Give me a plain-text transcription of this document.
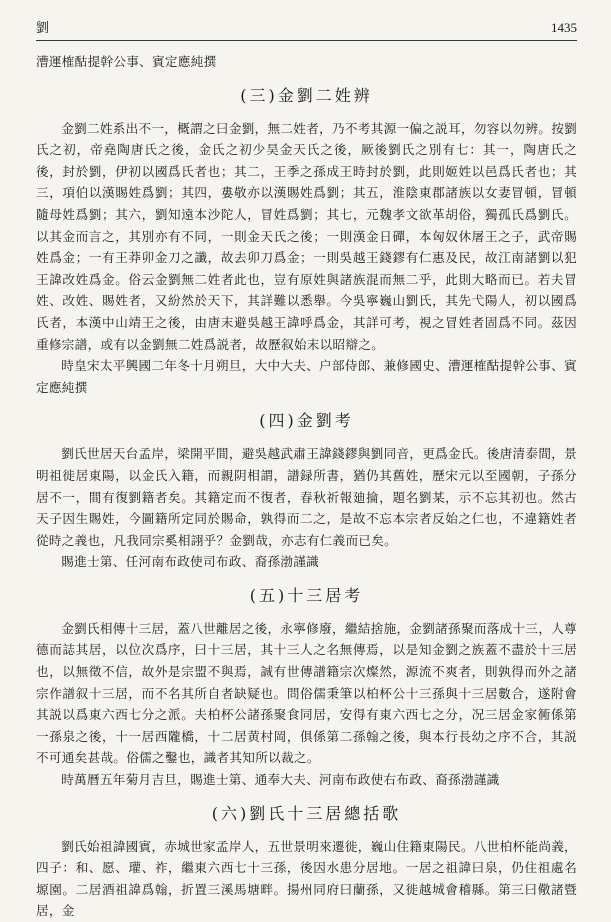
劉	1435

漕運榷酤提幹公事、賓定應純撰

(三)金劉二姓辨

金劉二姓系出不一，概謂之曰金劉，無二姓者，乃不考其源一偏之説耳，勿容以勿辨。按劉氏之初，帝堯陶唐氏之後，金氏之初少昊金天氏之後，厥後劉氏之別有七：其一，陶唐氏之後，封於劉，伊初以國爲氏者也；其二，王季之孫成王時封於劉，此則姬姓以邑爲氏者也；其三，項伯以漢賜姓爲劉；其四，婁敬亦以漢賜姓爲劉；其五，淮陰東郡諸族以女妻冒頓，冒頓隨母姓爲劉；其六，劉知遠本沙陀人，冒姓爲劉；其七，元魏孝文欲革胡俗，獨孤氏爲劉氏。以其金而言之，其別亦有不同，一則金天氏之後；一則漢金日磾，本匈奴休屠王之子，武帝賜姓爲金；一有王莽卯金刀之讖，故去卯刀爲金；一則吳越王錢鏐有仁惠及民，故江南諸劉以犯王諱改姓爲金。俗云金劉無二姓者此也，豈有原姓與諸族混而無二乎，此則大略而已。若夫冒姓、改姓、賜姓者，又紛然於天下，其詳難以悉舉。今吳寧巍山劉氏，其先弋陽人，初以國爲氏者，本漢中山靖王之後，由唐末避吳越王諱呼爲金，其詳可考，視之冒姓者固爲不同。茲因重修宗譜，或有以金劉無二姓爲説者，故歷叙始末以昭辯之。

時皇宋太平興國二年冬十月朔旦，大中大夫、户部侍郎、兼修國史、漕運榷酤提幹公事、賓定應純撰

(四)金劉考

劉氏世居天台孟岸，梁開平間，避吳越武肅王諱錢鏐與劉同音，更爲金氏。後唐清泰間，景明祖徙居東陽，以金氏入籍，而親阴相謂，譜録所書，猶仍其舊姓，歷宋元以至國朝，子孫分居不一，間有復劉籍者矣。其籍定而不復者，春秋祈報廸掄，題名劉某，示不忘其初也。然古天子因生賜姓，今圖籍所定同於賜命，孰得而二之，是故不忘本宗者反始之仁也，不違籍姓者從時之義也，凡我同宗奚相詡乎？金劉哉，亦志有仁義而已矣。

賜進士第、任河南布政使司布政、裔孫渤謹識

(五)十三居考

金劉氏相傳十三居，蓋八世離居之後，永寧修廢，繼結捨施，金劉諸孫聚而落成十三，人尊德而誌其居，以位次爲序，曰十三居，其十三人之名無傳焉，以是知金劉之族蓋不盡於十三居也，以無徵不信，故外是宗盟不與焉，誠有世傳譜籍宗次燦然，源流不爽者，則孰得而外之諸宗作譜叙十三居，而不名其所自者缺疑也。問俗儒秉筆以柏杯公十三孫與十三居數合，遂附會其説以爲東六西七分之派。夫柏杯公諸孫聚食同居，安得有東六西七之分，况三居金家衕係第一孫泉之後，十一居西隴橋，十二居黄村岡，俱係第二孫翰之後，與本行長幼之序不合，其説不可通矣甚哉。俗儒之鑿也，識者其知所以裁之。

時萬曆五年菊月吉旦，賜進士第、通奉大夫、河南布政使右布政、裔孫渤謹識

(六)劉氏十三居總括歌

劉氏始祖諱國賓，赤城世家孟岸人，五世景明來遷徙，巍山住籍東陽民。八世柏杯能尚義，四子：和、愿、瓘、祚，繼東六西七十三孫，後因水患分居地。一居之祖諱曰泉，仍住祖處名塬園。二居酒祖諱爲翰，折置三溪馬塘畔。揚州同府曰蘭孫，又徙越城會稽縣。第三曰儆諸暨居，金
